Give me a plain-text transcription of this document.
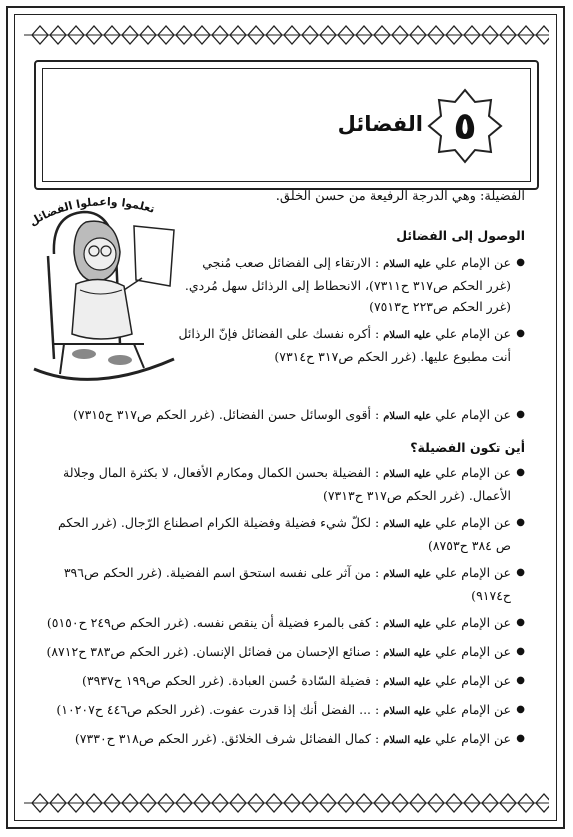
٥
الفضائل
تعلموا واعملوا الفضائل
الفضيلة: وهي الدرجة الرفيعة من حسن الخلق.
الوصول إلى الفضائل
● عن الإمام علي عليه السلام : الارتقاء إلى الفضائل صعب مُنجي (غرر الحكم ص٣١٧ ح٧٣١١)، الانحطاط إلى الرذائل سهل مُردي. (غرر الحكم ص٢٢٣ ح٧٥١٣)
● عن الإمام علي عليه السلام : أكره نفسك على الفضائل فإنّ الرذائل أنت مطبوع عليها. (غرر الحكم ص٣١٧ ح٧٣١٤)
● عن الإمام علي عليه السلام : أقوى الوسائل حسن الفضائل. (غرر الحكم ص٣١٧ ح٧٣١٥)
أين تكون الفضيلة؟
● عن الإمام علي عليه السلام : الفضيلة بحسن الكمال ومكارم الأفعال، لا بكثرة المال وجلالة الأعمال. (غرر الحكم ص٣١٧ ح٧٣١٣)
● عن الإمام علي عليه السلام : لكلّ شيء فضيلة وفضيلة الكرام اصطناع الرّجال. (غرر الحكم ص ٣٨٤ ح٨٧٥٣)
● عن الإمام علي عليه السلام : من آثر على نفسه استحق اسم الفضيلة. (غرر الحكم ص٣٩٦ ح٩١٧٤)
● عن الإمام علي عليه السلام : كفى بالمرء فضيلة أن ينقص نفسه. (غرر الحكم ص٢٤٩ ح٥١٥٠)
● عن الإمام علي عليه السلام : صنائع الإحسان من فضائل الإنسان. (غرر الحكم ص٣٨٣ ح٨٧١٢)
● عن الإمام علي عليه السلام : فضيلة السّادة حُسن العبادة. (غرر الحكم ص١٩٩ ح٣٩٣٧)
● عن الإمام علي عليه السلام : ... الفضل أنك إذا قدرت عفوت. (غرر الحكم ص٤٤٦ ح١٠٢٠٧)
● عن الإمام علي عليه السلام : كمال الفضائل شرف الخلائق. (غرر الحكم ص٣١٨ ح٧٣٣٠)
